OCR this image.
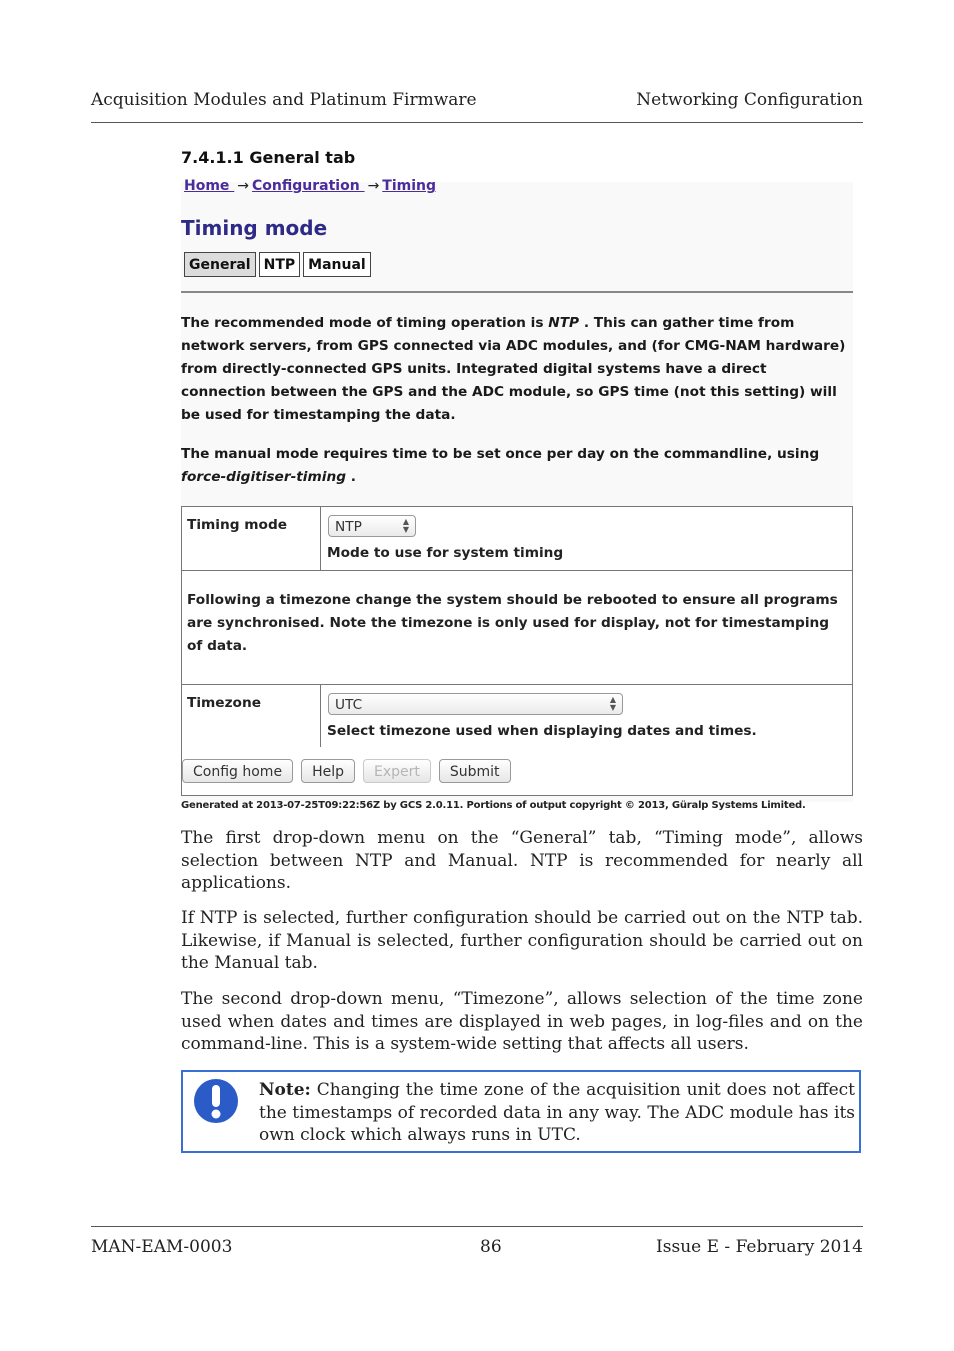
Acquisition Modules and Platinum Firmware	Networking Configuration
7.4.1.1 General tab
Home → Configuration → Timing
Timing mode
General NTP Manual
The recommended mode of timing operation is NTP . This can gather time from network servers, from GPS connected via ADC modules, and (for CMG-NAM hardware) from directly-connected GPS units. Integrated digital systems have a direct connection between the GPS and the ADC module, so GPS time (not this setting) will be used for timestamping the data.
The manual mode requires time to be set once per day on the commandline, using force-digitiser-timing .
Timing mode	NTP	▲
▼
Mode to use for system timing
Following a timezone change the system should be rebooted to ensure all programs are synchronised. Note the timezone is only used for display, not for timestamping of data.
Timezone	UTC	▲
▼
Select timezone used when displaying dates and times.
Config home	Help	Expert	Submit
Generated at 2013-07-25T09:22:56Z by GCS 2.0.11. Portions of output copyright © 2013, Güralp Systems Limited.
The first drop-down menu on the “General” tab, “Timing mode”, allows selection between NTP and Manual. NTP is recommended for nearly all applications.
If NTP is selected, further configuration should be carried out on the NTP tab. Likewise, if Manual is selected, further configuration should be carried out on the Manual tab.
The second drop-down menu, “Timezone”, allows selection of the time zone used when dates and times are displayed in web pages, in log-files and on the command-line. This is a system-wide setting that affects all users.
Note: Changing the time zone of the acquisition unit does not affect the timestamps of recorded data in any way. The ADC module has its own clock which always runs in UTC.
MAN-EAM-0003	86	Issue E - February 2014
